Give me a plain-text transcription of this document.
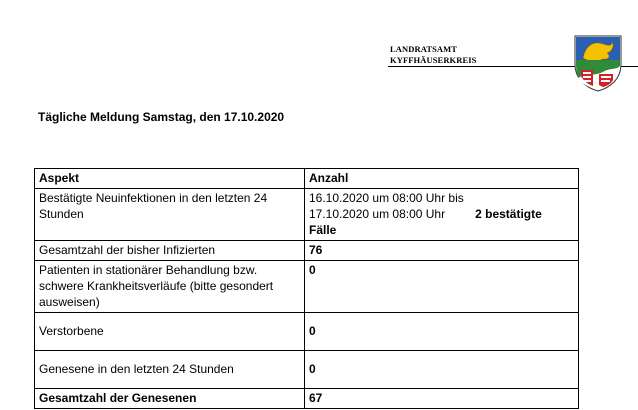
LANDRATSAMT
KYFFHÄUSERKREIS
Tägliche Meldung Samstag, den 17.10.2020
Aspekt	Anzahl
Bestätigte Neuinfektionen in den letzten 24 Stunden	16.10.2020 um 08:00 Uhr bis
17.10.2020 um 08:00 Uhr 2 bestätigte
Fälle

Gesamtzahl der bisher Infizierten	76
Patienten in stationärer Behandlung bzw. schwere Krankheitsverläufe (bitte gesondert ausweisen)	0
Verstorbene	0
Genesene in den letzten 24 Stunden	0
Gesamtzahl der Genesenen	67
